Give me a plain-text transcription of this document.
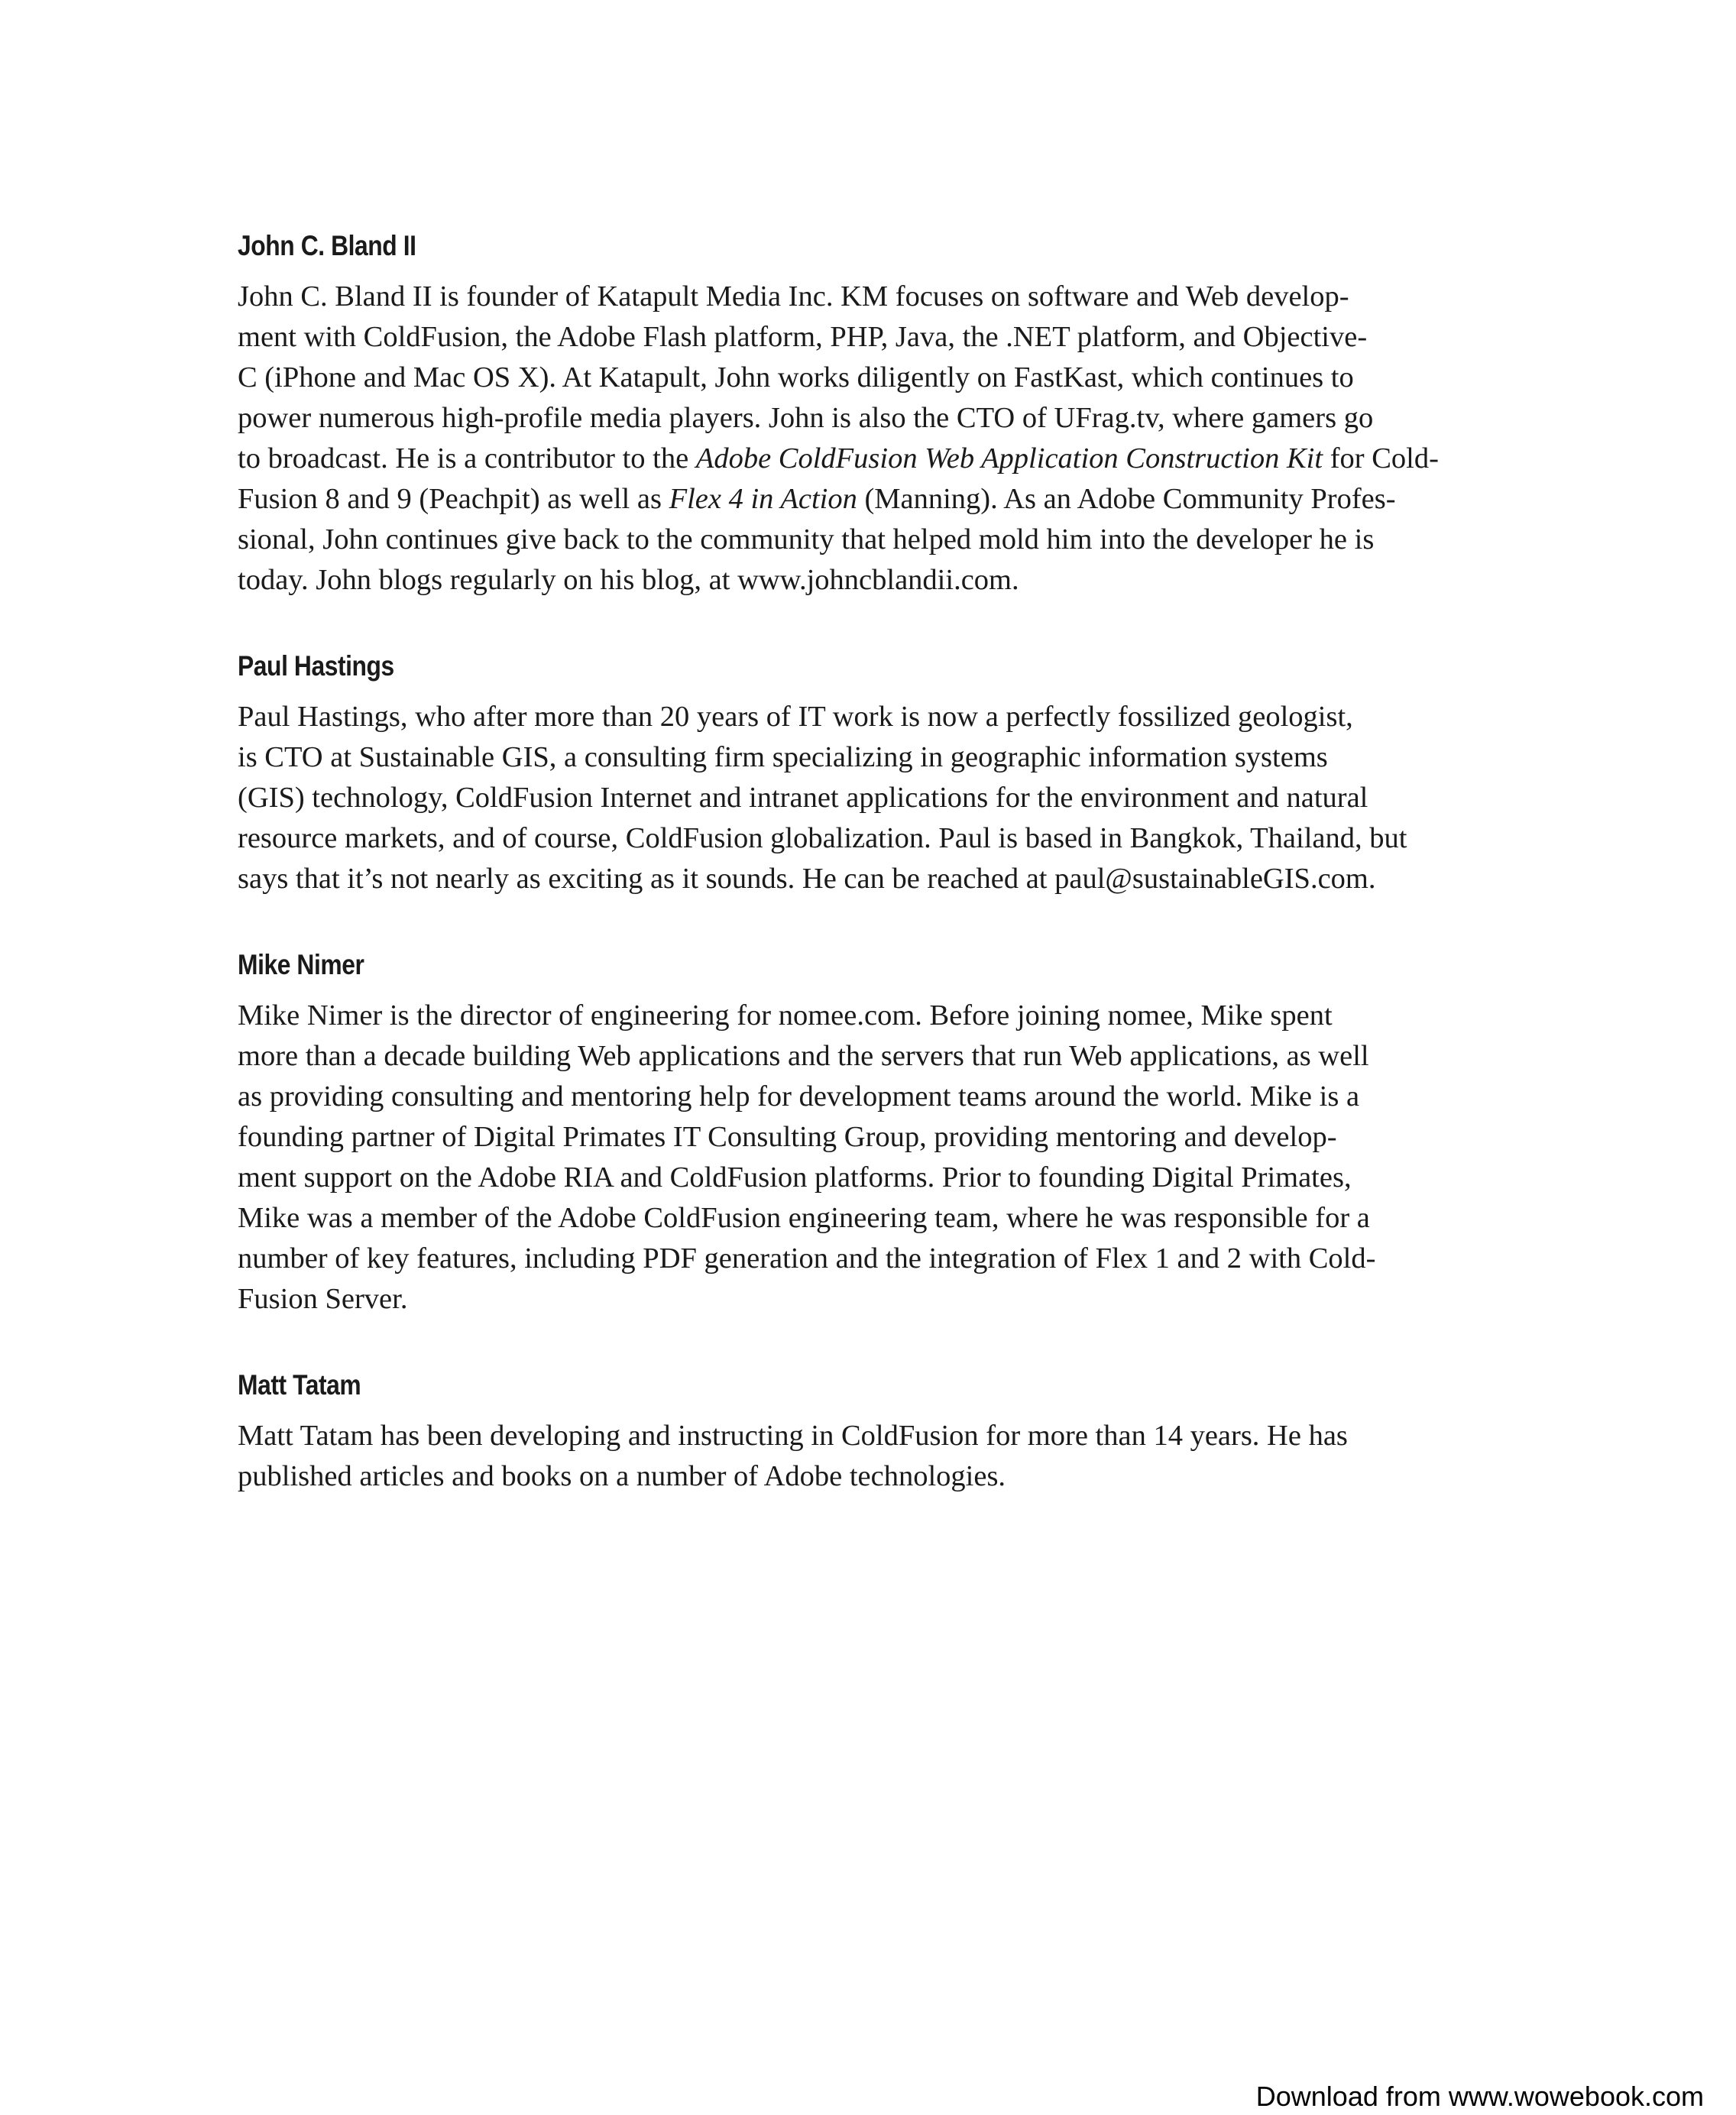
John C. Bland II

John C. Bland II is founder of Katapult Media Inc. KM focuses on software and Web develop-
ment with ColdFusion, the Adobe Flash platform, PHP, Java, the .NET platform, and Objective-
C (iPhone and Mac OS X). At Katapult, John works diligently on FastKast, which continues to
power numerous high-profile media players. John is also the CTO of UFrag.tv, where gamers go
to broadcast. He is a contributor to the Adobe ColdFusion Web Application Construction Kit for Cold-
Fusion 8 and 9 (Peachpit) as well as Flex 4 in Action (Manning). As an Adobe Community Profes-
sional, John continues give back to the community that helped mold him into the developer he is
today. John blogs regularly on his blog, at www.johncblandii.com.

Paul Hastings

Paul Hastings, who after more than 20 years of IT work is now a perfectly fossilized geologist,
is CTO at Sustainable GIS, a consulting firm specializing in geographic information systems
(GIS) technology, ColdFusion Internet and intranet applications for the environment and natural
resource markets, and of course, ColdFusion globalization. Paul is based in Bangkok, Thailand, but
says that it’s not nearly as exciting as it sounds. He can be reached at paul@sustainableGIS.com.

Mike Nimer

Mike Nimer is the director of engineering for nomee.com. Before joining nomee, Mike spent
more than a decade building Web applications and the servers that run Web applications, as well
as providing consulting and mentoring help for development teams around the world. Mike is a
founding partner of Digital Primates IT Consulting Group, providing mentoring and develop-
ment support on the Adobe RIA and ColdFusion platforms. Prior to founding Digital Primates,
Mike was a member of the Adobe ColdFusion engineering team, where he was responsible for a
number of key features, including PDF generation and the integration of Flex 1 and 2 with Cold-
Fusion Server.

Matt Tatam

Matt Tatam has been developing and instructing in ColdFusion for more than 14 years. He has
published articles and books on a number of Adobe technologies.

Download from www.wowebook.com
